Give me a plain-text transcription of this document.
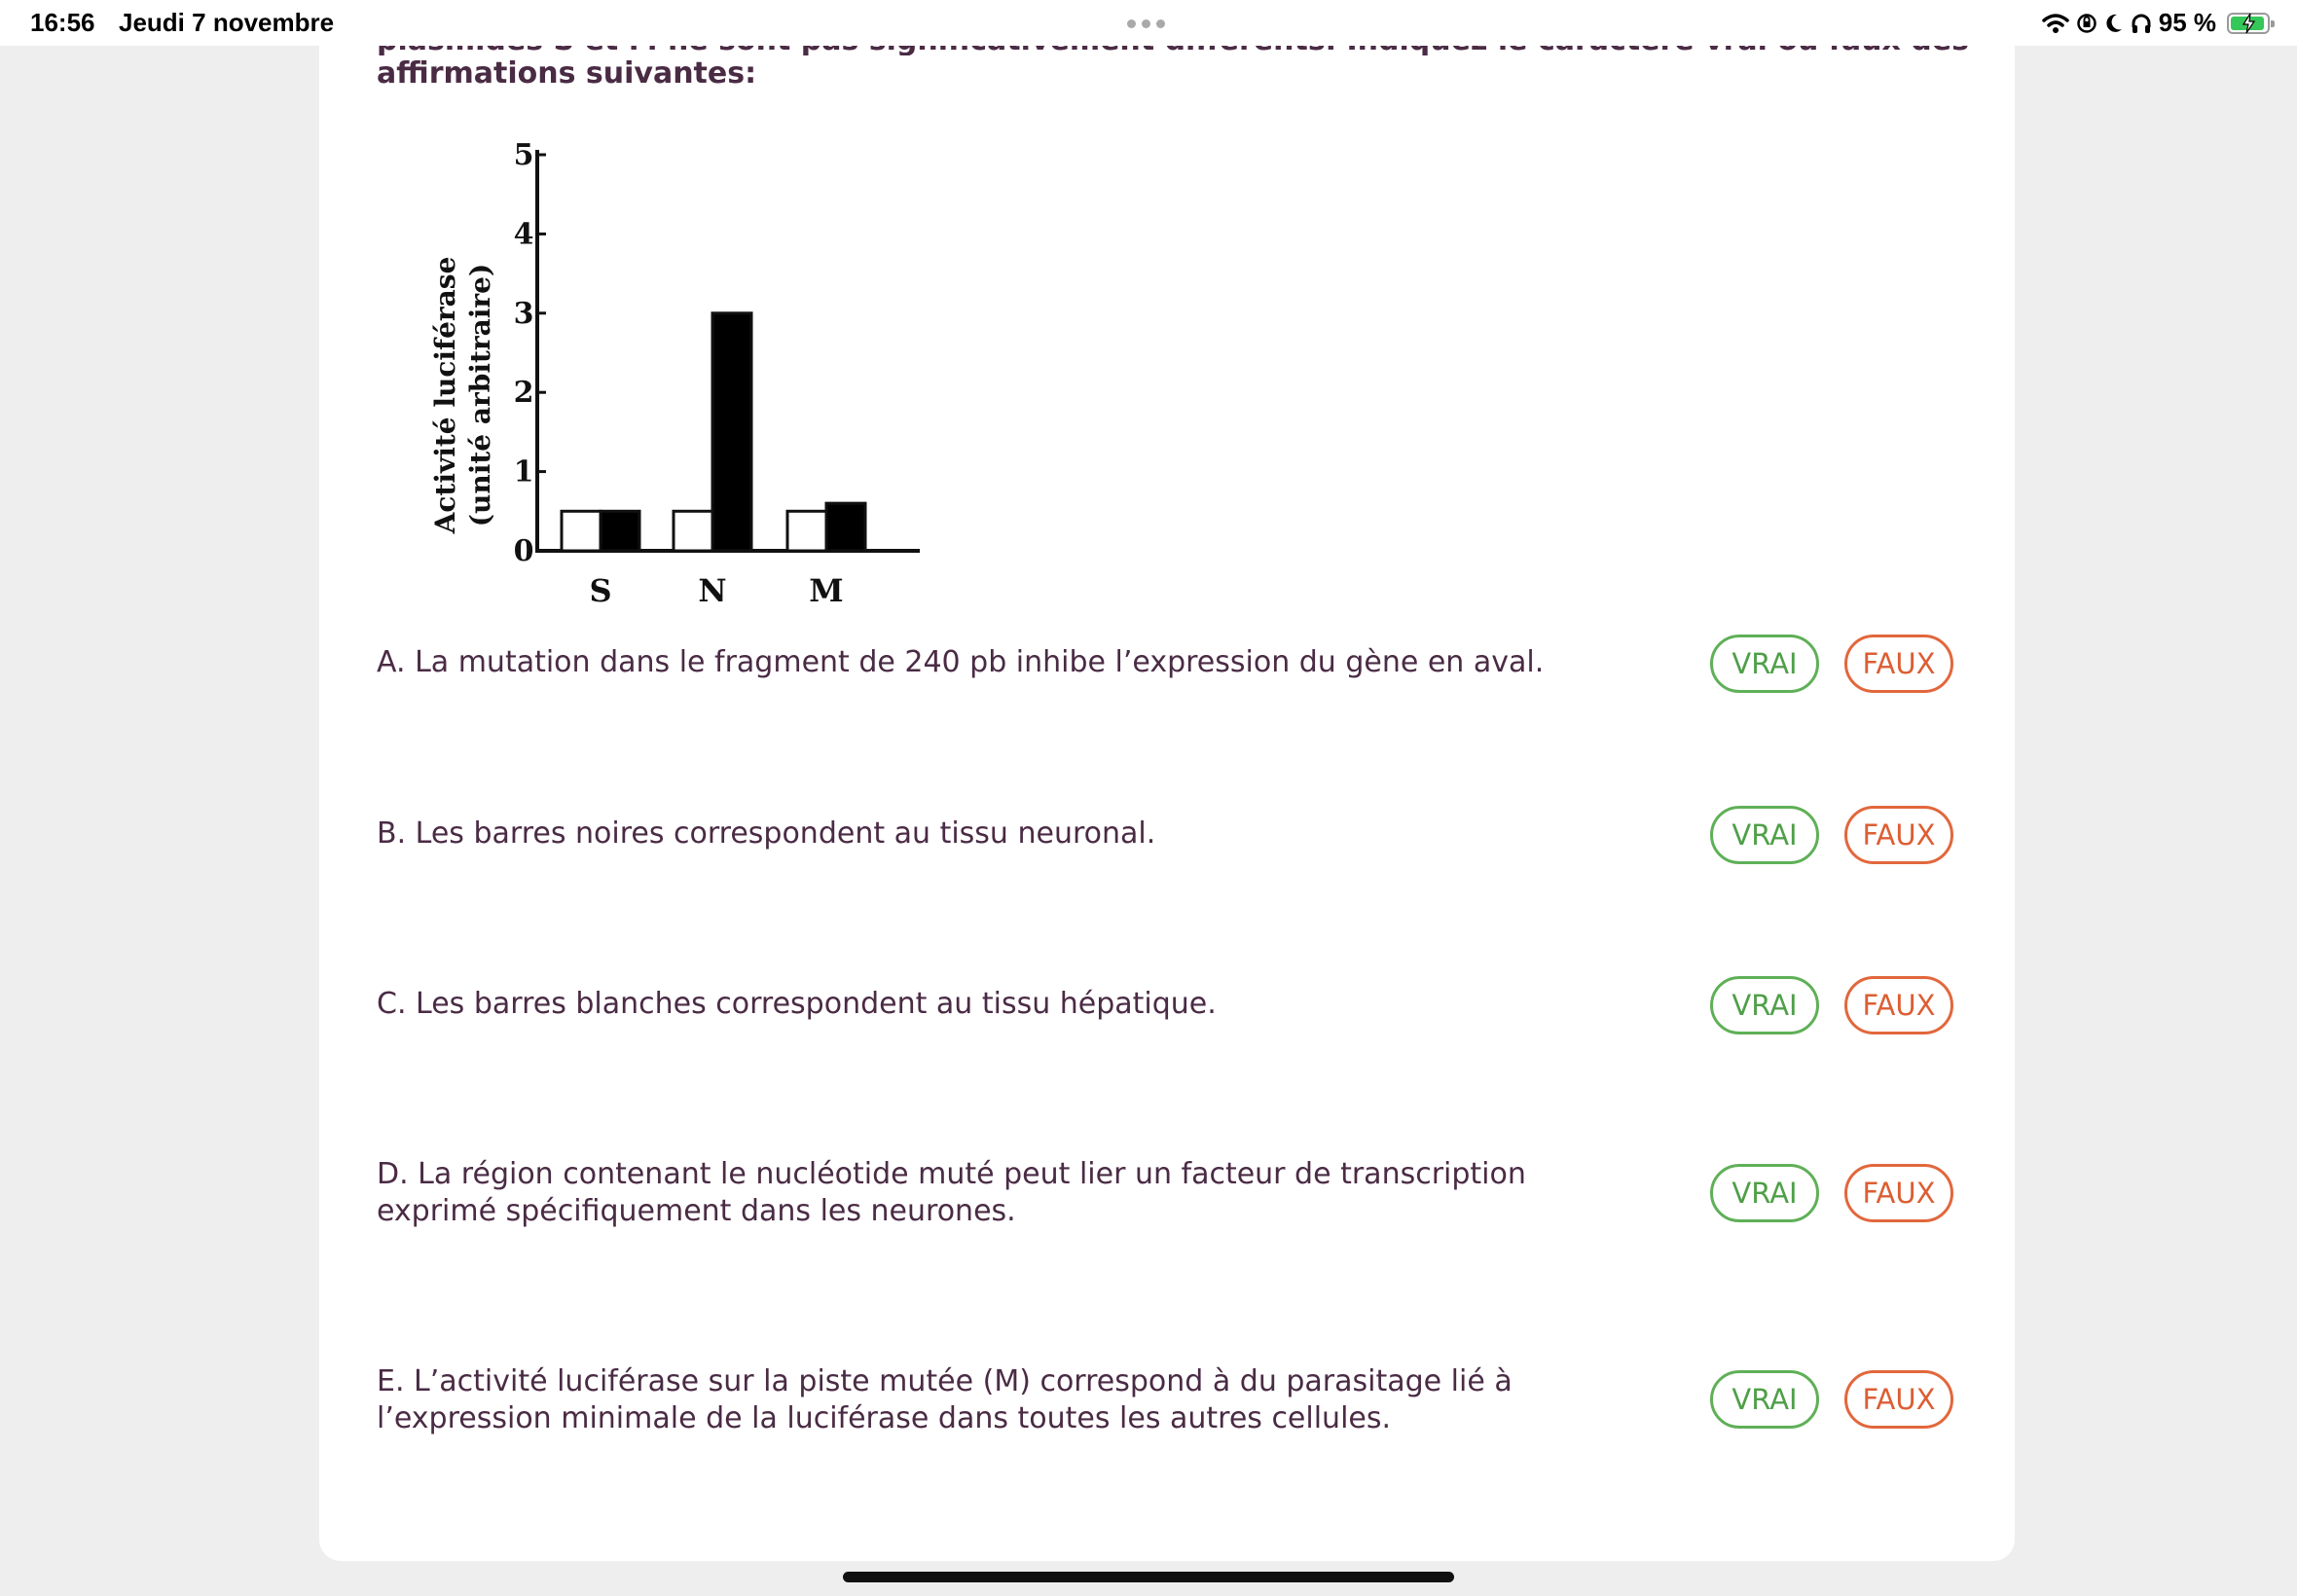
16:56 Jeudi 7 novembre	95 %
affirmations suivantes:
Activité luciférase (unité arbitraire)
0
1
2
3
4
5
S	N	M
A. La mutation dans le fragment de 240 pb inhibe l’expression du gène en aval.	VRAI	FAUX
B. Les barres noires correspondent au tissu neuronal.	VRAI	FAUX
C. Les barres blanches correspondent au tissu hépatique.	VRAI	FAUX
D. La région contenant le nucléotide muté peut lier un facteur de transcription exprimé spécifiquement dans les neurones.
VRAI	FAUX
E. L’activité luciférase sur la piste mutée (M) correspond à du parasitage lié à l’expression minimale de la luciférase dans toutes les autres cellules.
VRAI	FAUX
